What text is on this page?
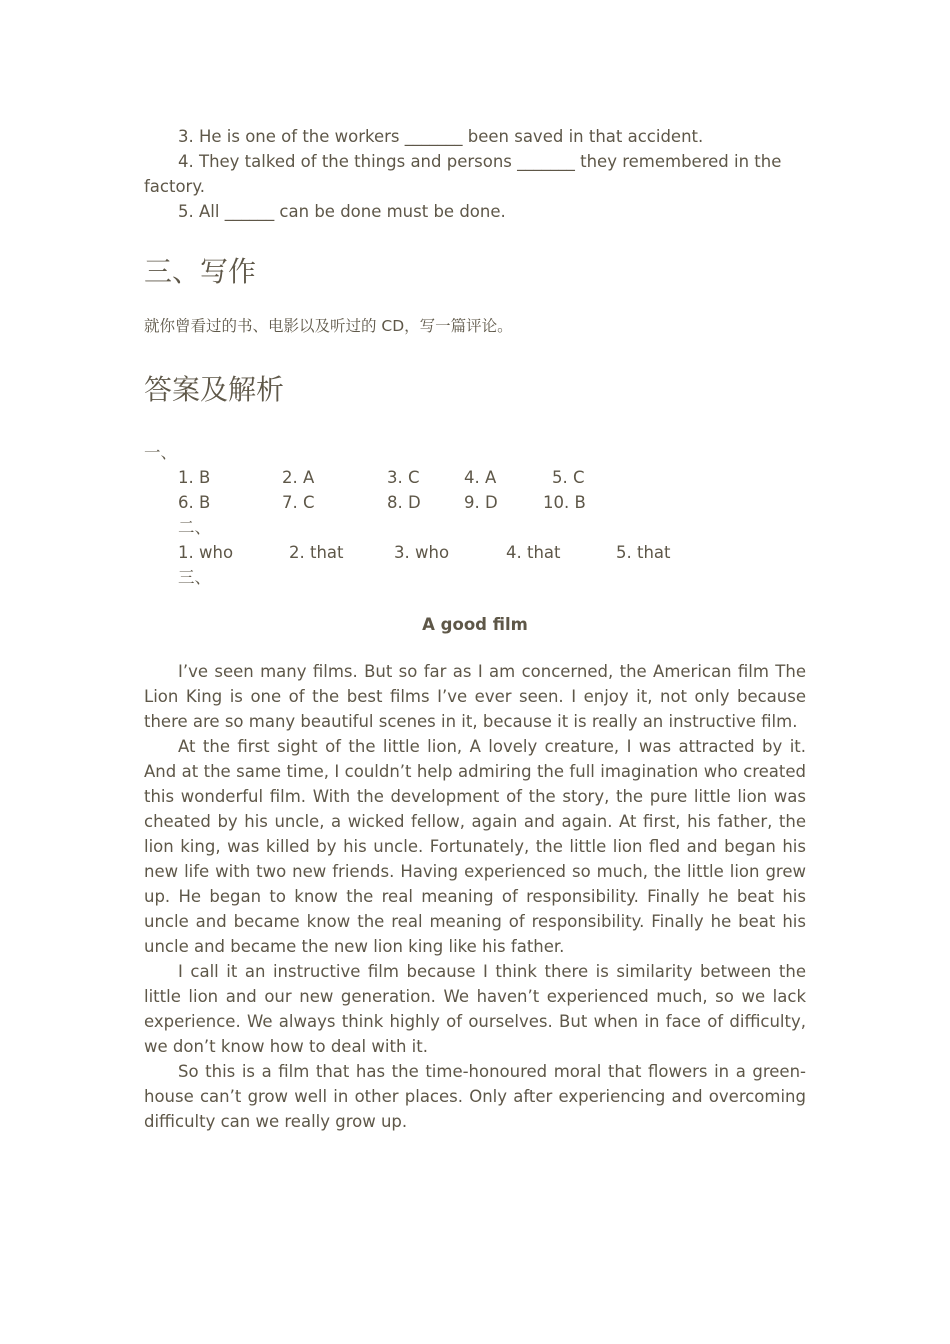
3. He is one of the workers _______ been saved in that accident.
4. They talked of the things and persons _______ they remembered in the
factory.
5. All ______ can be done must be done.
三、写作
就你曾看过的书、电影以及听过的 CD，写一篇评论。
答案及解析
一、
1. B	2. A	3. C	4. A	5. C
6. B	7. C	8. D	9. D	10. B
二、
1. who	2. that	3. who	4. that	5. that
三、
A good film
I’ve seen many films. But so far as I am concerned, the American film The Lion King is one of the best films I’ve ever seen. I enjoy it, not only because there are so many beautiful scenes in it, because it is really an instructive film.
At the first sight of the little lion, A lovely creature, I was attracted by it. And at the same time, I couldn’t help admiring the full imagination who created this wonderful film. With the development of the story, the pure little lion was cheated by his uncle, a wicked fellow, again and again. At first, his father, the lion king, was killed by his uncle. Fortunately, the little lion fled and began his new life with two new friends. Having experienced so much, the little lion grew up. He began to know the real meaning of responsibility. Finally he beat his uncle and became know the real meaning of responsibility. Finally he beat his uncle and became the new lion king like his father.
I call it an instructive film because I think there is similarity between the little lion and our new generation. We haven’t experienced much, so we lack experience. We always think highly of ourselves. But when in face of difficulty, we don’t know how to deal with it.
So this is a film that has the time-honoured moral that flowers in a green-house can’t grow well in other places. Only after experiencing and overcoming difficulty can we really grow up.
